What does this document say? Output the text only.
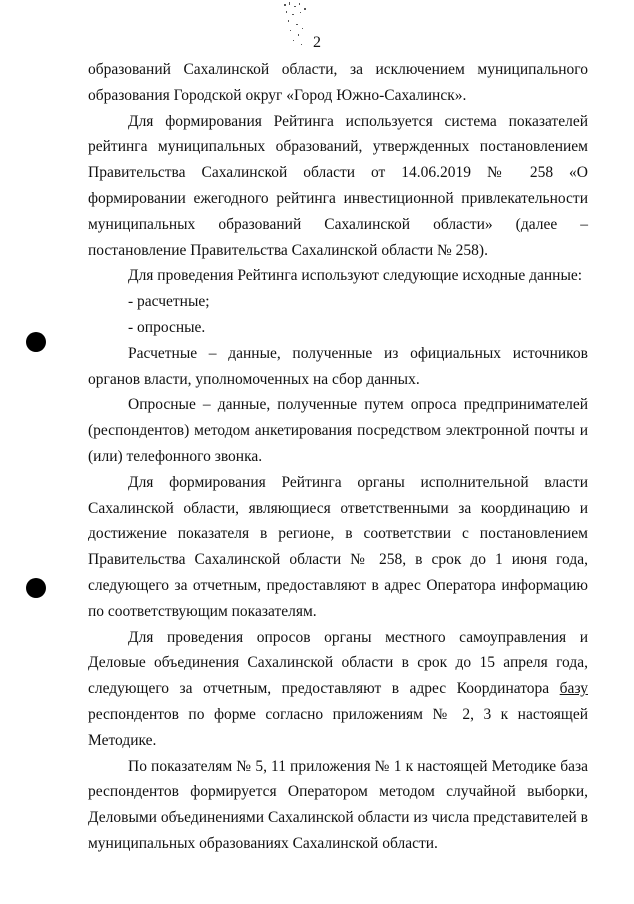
2

образований Сахалинской области, за исключением муниципального образования Городской округ «Город Южно-Сахалинск».

Для формирования Рейтинга используется система показателей рейтинга муниципальных образований, утвержденных постановлением Правительства Сахалинской области от 14.06.2019 № 258 «О формировании ежегодного рейтинга инвестиционной привлекательности муниципальных образований Сахалинской области» (далее – постановление Правительства Сахалинской области № 258).

Для проведения Рейтинга используют следующие исходные данные:

- расчетные;

- опросные.

Расчетные – данные, полученные из официальных источников органов власти, уполномоченных на сбор данных.

Опросные – данные, полученные путем опроса предпринимателей (респондентов) методом анкетирования посредством электронной почты и (или) телефонного звонка.

Для формирования Рейтинга органы исполнительной власти Сахалинской области, являющиеся ответственными за координацию и достижение показателя в регионе, в соответствии с постановлением Правительства Сахалинской области № 258, в срок до 1 июня года, следующего за отчетным, предоставляют в адрес Оператора информацию по соответствующим показателям.

Для проведения опросов органы местного самоуправления и Деловые объединения Сахалинской области в срок до 15 апреля года, следующего за отчетным, предоставляют в адрес Координатора базу респондентов по форме согласно приложениям № 2, 3 к настоящей Методике.

По показателям № 5, 11 приложения № 1 к настоящей Методике база респондентов формируется Оператором методом случайной выборки, Деловыми объединениями Сахалинской области из числа представителей в муниципальных образованиях Сахалинской области.
